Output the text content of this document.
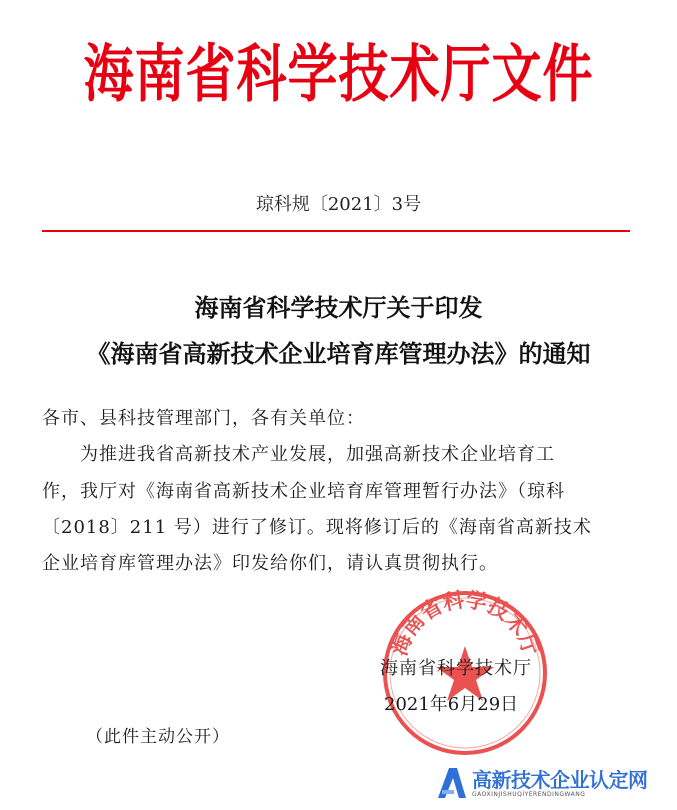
海南省科学技术厅文件
琼科规〔2021〕3号
海南省科学技术厅关于印发
《海南省高新技术企业培育库管理办法》的通知
各市、县科技管理部门，各有关单位：
为推进我省高新技术产业发展，加强高新技术企业培育工
作，我厅对《海南省高新技术企业培育库管理暂行办法》（琼科
〔2018〕211 号）进行了修订。现将修订后的《海南省高新技术
企业培育库管理办法》印发给你们，请认真贯彻执行。
海南省科学技术厅
海南省科学技术厅
2021年6月29日
（此件主动公开）
高新技术企业认定网
GAOXINJISHUQIYERENDINGWANG
